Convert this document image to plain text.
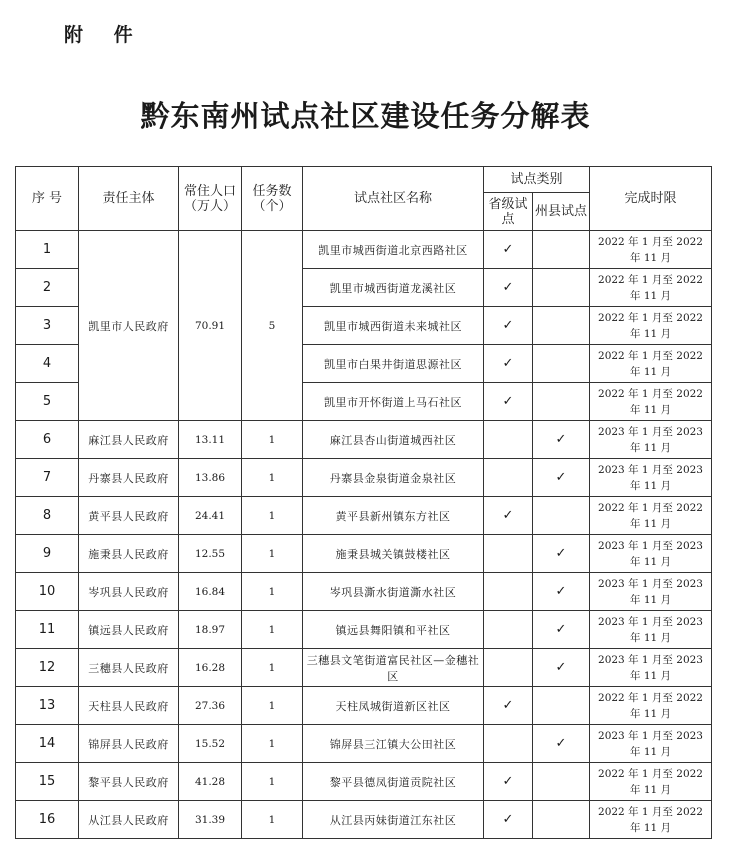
附 件
黔东南州试点社区建设任务分解表
序 号	责任主体	常住人口（万人）	任务数（个）	试点社区名称	试点类别		完成时限
					省级试点	州县试点	
1	凯里市人民政府	70.91	5	凯里市城西街道北京西路社区	✓		2022 年 1 月至 2022
年 11 月

2				凯里市城西街道龙溪社区	✓		2022 年 1 月至 2022
年 11 月

3				凯里市城西街道未来城社区	✓		2022 年 1 月至 2022
年 11 月

4				凯里市白果井街道思源社区	✓		2022 年 1 月至 2022
年 11 月

5				凯里市开怀街道上马石社区	✓		2022 年 1 月至 2022
年 11 月

6	麻江县人民政府	13.11	1	麻江县杏山街道城西社区		✓	2023 年 1 月至 2023
年 11 月

7	丹寨县人民政府	13.86	1	丹寨县金泉街道金泉社区		✓	2023 年 1 月至 2023
年 11 月

8	黄平县人民政府	24.41	1	黄平县新州镇东方社区	✓		2022 年 1 月至 2022
年 11 月

9	施秉县人民政府	12.55	1	施秉县城关镇鼓楼社区		✓	2023 年 1 月至 2023
年 11 月

10	岑巩县人民政府	16.84	1	岑巩县澌水街道澌水社区		✓	2023 年 1 月至 2023
年 11 月

11	镇远县人民政府	18.97	1	镇远县舞阳镇和平社区		✓	2023 年 1 月至 2023
年 11 月

12	三穗县人民政府	16.28	1	三穗县文笔街道富民社区—金穗社区		✓	2023 年 1 月至 2023
年 11 月

13	天柱县人民政府	27.36	1	天柱凤城街道新区社区	✓		2022 年 1 月至 2022
年 11 月

14	锦屏县人民政府	15.52	1	锦屏县三江镇大公田社区		✓	2023 年 1 月至 2023
年 11 月

15	黎平县人民政府	41.28	1	黎平县德凤街道贡院社区	✓		2022 年 1 月至 2022
年 11 月

16	从江县人民政府	31.39	1	从江县丙妹街道江东社区	✓		2022 年 1 月至 2022
年 11 月
